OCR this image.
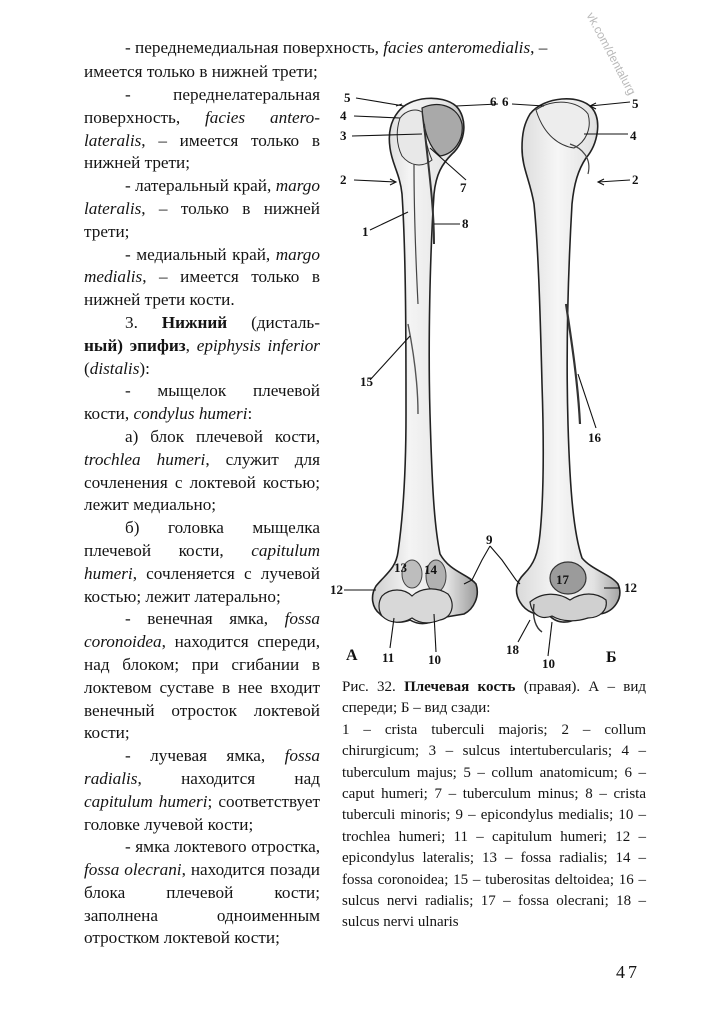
vk.com/dentalurg
- переднемедиальная поверхность, facies anteromedialis, –
имеется только в нижней трети;

- переднелатеральная поверхность, facies antero-lateralis, – имеется только в нижней трети;

- латеральный край, margo lateralis, – только в нижней трети;

- медиальный край, margo medialis, – имеется только в нижней трети кости.

3. Нижний (дисталь- ный) эпифиз, epiphysis inferior (distalis):

- мыщелок плечевой кости, condylus humeri:

а) блок плечевой кости, trochlea humeri, служит для сочленения с локтевой костью; лежит медиально;

б) головка мыщелка плечевой кости, capitulum humeri, сочленяется с лучевой костью; лежит латерально;

- венечная ямка, fossa coronoidea, находится спереди, над блоком; при сгибании в локтевом суставе в нее входит венечный отросток локтевой кости;

- лучевая ямка, fossa radialis, находится над capitulum humeri; соответствует головке лучевой кости;

- ямка локтевого отростка, fossa olecrani, находится позади блока плечевой кости; заполнена одноименным отростком локтевой кости;

5
4
3
2
1
6
7
8
15
12
13 14
11	10
9
А
6	5
4
2
16
17
12
18
10	Б

Рис. 32. Плечевая кость (правая). А – вид спереди; Б – вид сзади:

1 – crista tuberculi majoris; 2 – collum chirurgicum; 3 – sulcus intertubercularis; 4 – tuberculum majus; 5 – collum anatomicum; 6 – caput humeri; 7 – tuberculum minus; 8 – crista tuberculi minoris; 9 – epicondylus medialis; 10 – trochlea humeri; 11 – capitulum humeri; 12 – epicondylus lateralis; 13 – fossa radialis; 14 – fossa coronoidea; 15 – tuberositas deltoidea; 16 – sulcus nervi radialis; 17 – fossa olecrani; 18 – sulcus nervi ulnaris

47
